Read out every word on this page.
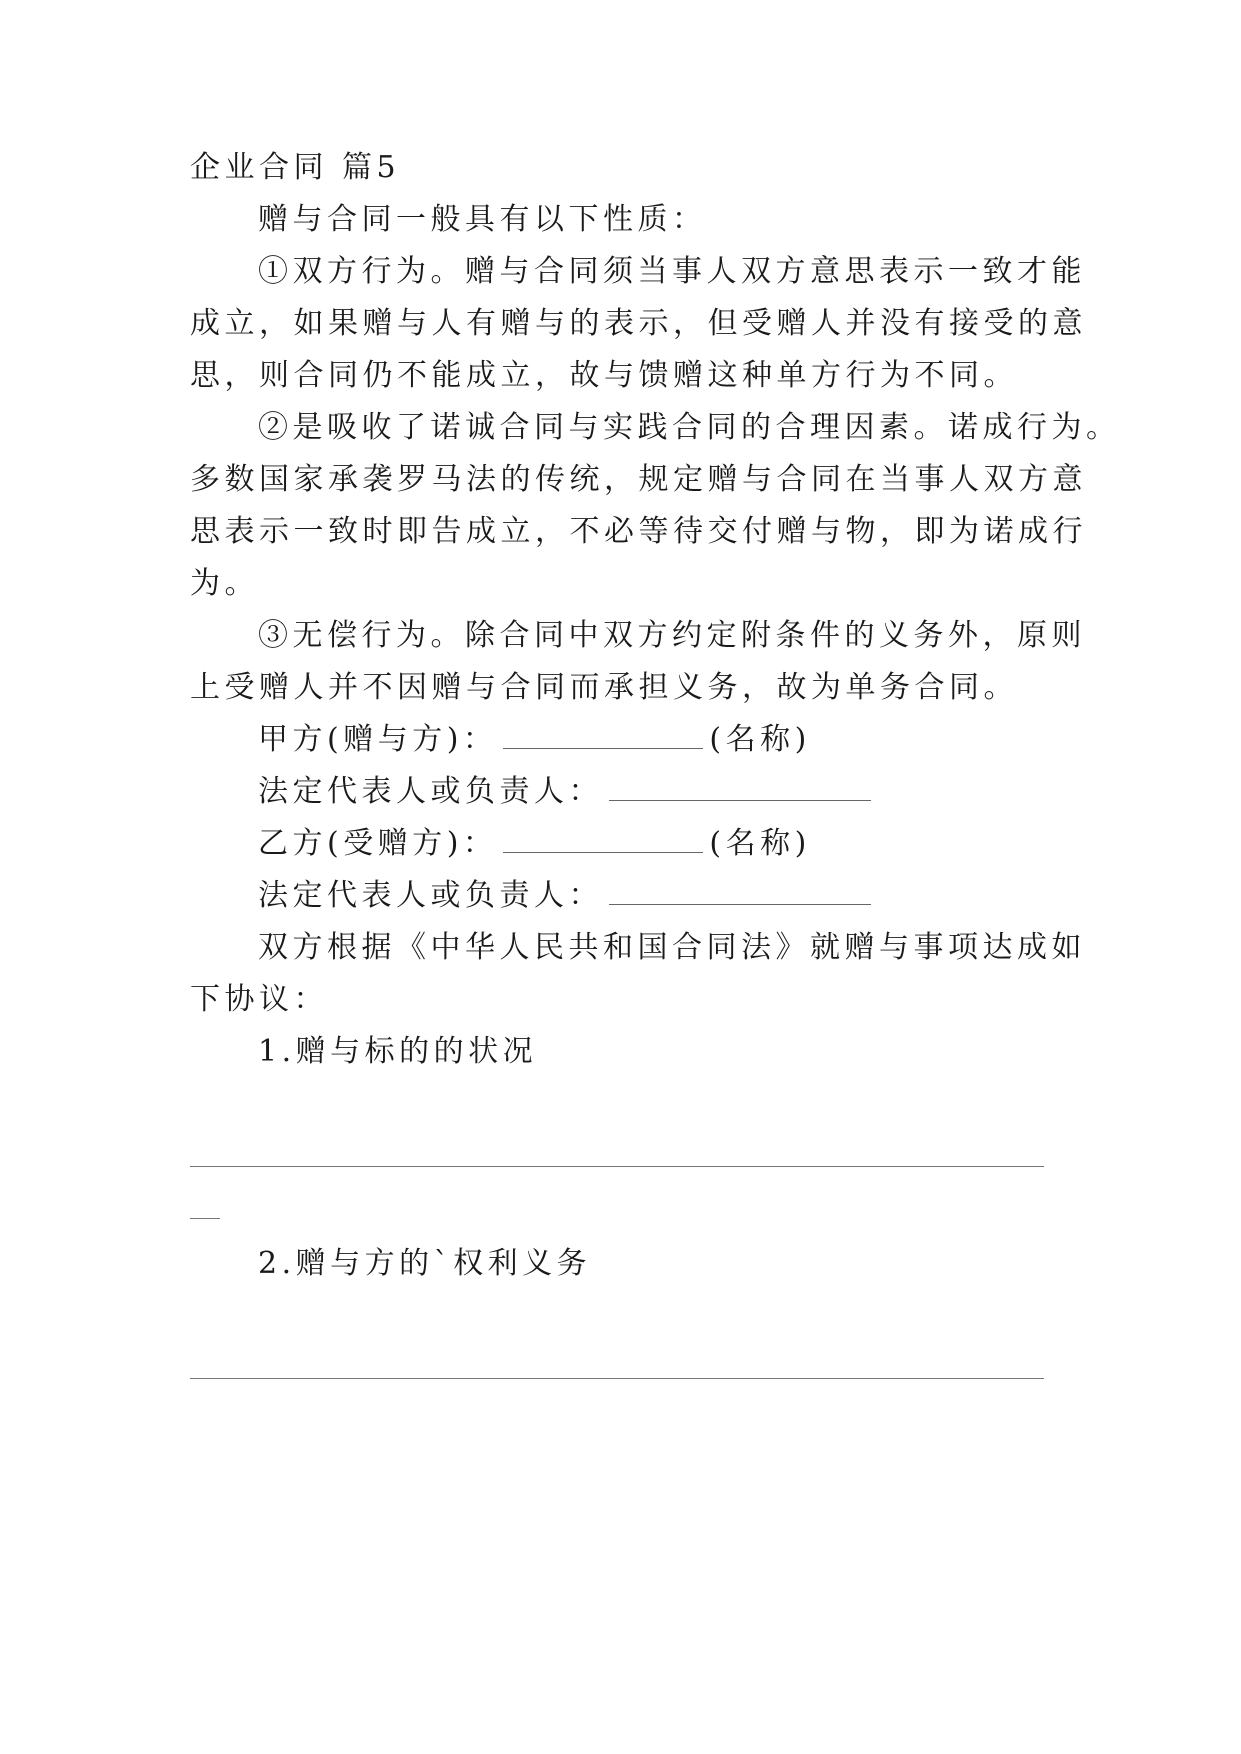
企业合同 篇5
赠与合同一般具有以下性质：
①双方行为。赠与合同须当事人双方意思表示一致才能
成立，如果赠与人有赠与的表示，但受赠人并没有接受的意
思，则合同仍不能成立，故与馈赠这种单方行为不同。
②是吸收了诺诚合同与实践合同的合理因素。诺成行为。
多数国家承袭罗马法的传统，规定赠与合同在当事人双方意
思表示一致时即告成立，不必等待交付赠与物，即为诺成行
为。
③无偿行为。除合同中双方约定附条件的义务外，原则
上受赠人并不因赠与合同而承担义务，故为单务合同。
甲方(赠与方)：	(名称)
法定代表人或负责人：
乙方(受赠方)：	(名称)
法定代表人或负责人：
双方根据《中华人民共和国合同法》就赠与事项达成如
下协议：
1.赠与标的的状况
2.赠与方的`权利义务
